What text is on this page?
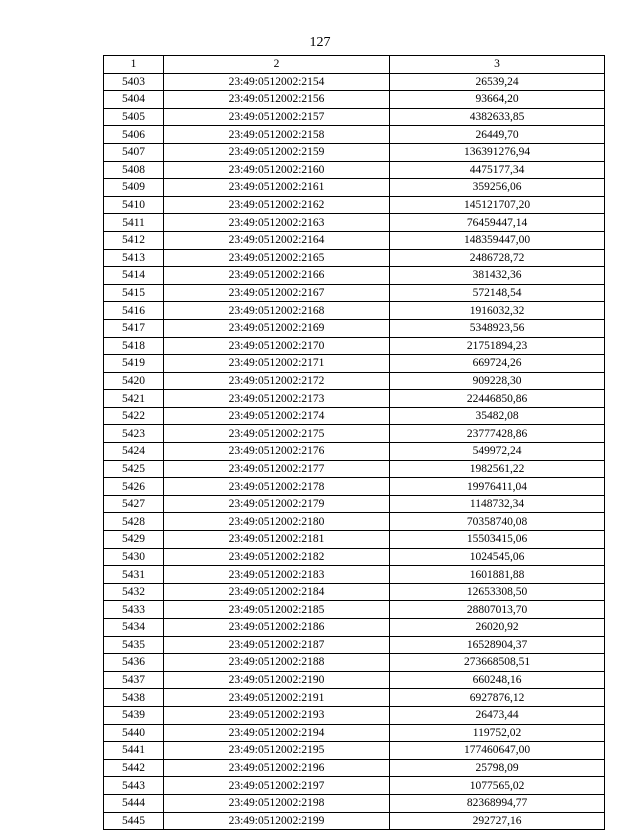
127
1	2	3
5403	23:49:0512002:2154	26539,24
5404	23:49:0512002:2156	93664,20
5405	23:49:0512002:2157	4382633,85
5406	23:49:0512002:2158	26449,70
5407	23:49:0512002:2159	136391276,94
5408	23:49:0512002:2160	4475177,34
5409	23:49:0512002:2161	359256,06
5410	23:49:0512002:2162	145121707,20
5411	23:49:0512002:2163	76459447,14
5412	23:49:0512002:2164	148359447,00
5413	23:49:0512002:2165	2486728,72
5414	23:49:0512002:2166	381432,36
5415	23:49:0512002:2167	572148,54
5416	23:49:0512002:2168	1916032,32
5417	23:49:0512002:2169	5348923,56
5418	23:49:0512002:2170	21751894,23
5419	23:49:0512002:2171	669724,26
5420	23:49:0512002:2172	909228,30
5421	23:49:0512002:2173	22446850,86
5422	23:49:0512002:2174	35482,08
5423	23:49:0512002:2175	23777428,86
5424	23:49:0512002:2176	549972,24
5425	23:49:0512002:2177	1982561,22
5426	23:49:0512002:2178	19976411,04
5427	23:49:0512002:2179	1148732,34
5428	23:49:0512002:2180	70358740,08
5429	23:49:0512002:2181	15503415,06
5430	23:49:0512002:2182	1024545,06
5431	23:49:0512002:2183	1601881,88
5432	23:49:0512002:2184	12653308,50
5433	23:49:0512002:2185	28807013,70
5434	23:49:0512002:2186	26020,92
5435	23:49:0512002:2187	16528904,37
5436	23:49:0512002:2188	273668508,51
5437	23:49:0512002:2190	660248,16
5438	23:49:0512002:2191	6927876,12
5439	23:49:0512002:2193	26473,44
5440	23:49:0512002:2194	119752,02
5441	23:49:0512002:2195	177460647,00
5442	23:49:0512002:2196	25798,09
5443	23:49:0512002:2197	1077565,02
5444	23:49:0512002:2198	82368994,77
5445	23:49:0512002:2199	292727,16
